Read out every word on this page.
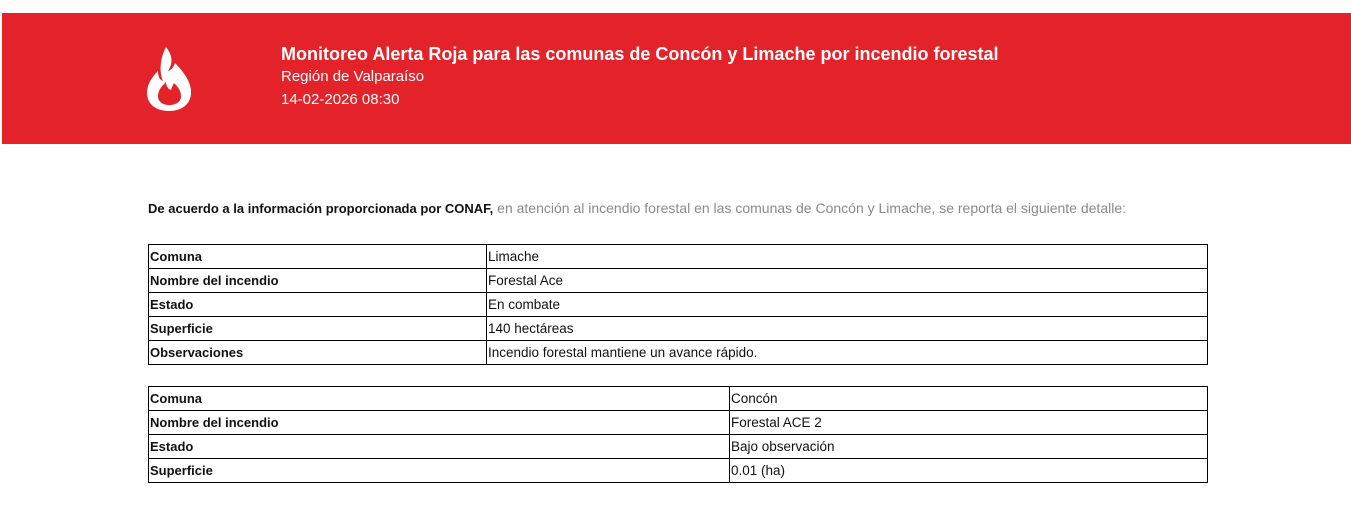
Monitoreo Alerta Roja para las comunas de Concón y Limache por incendio forestal
Región de Valparaíso
14-02-2026 08:30
De acuerdo a la información proporcionada por CONAF, en atención al incendio forestal en las comunas de Concón y Limache, se reporta el siguiente detalle:
Comuna	Limache
Nombre del incendio	Forestal Ace
Estado	En combate
Superficie	140 hectáreas
Observaciones	Incendio forestal mantiene un avance rápido.
Comuna	Concón
Nombre del incendio	Forestal ACE 2
Estado	Bajo observación
Superficie	0.01 (ha)
